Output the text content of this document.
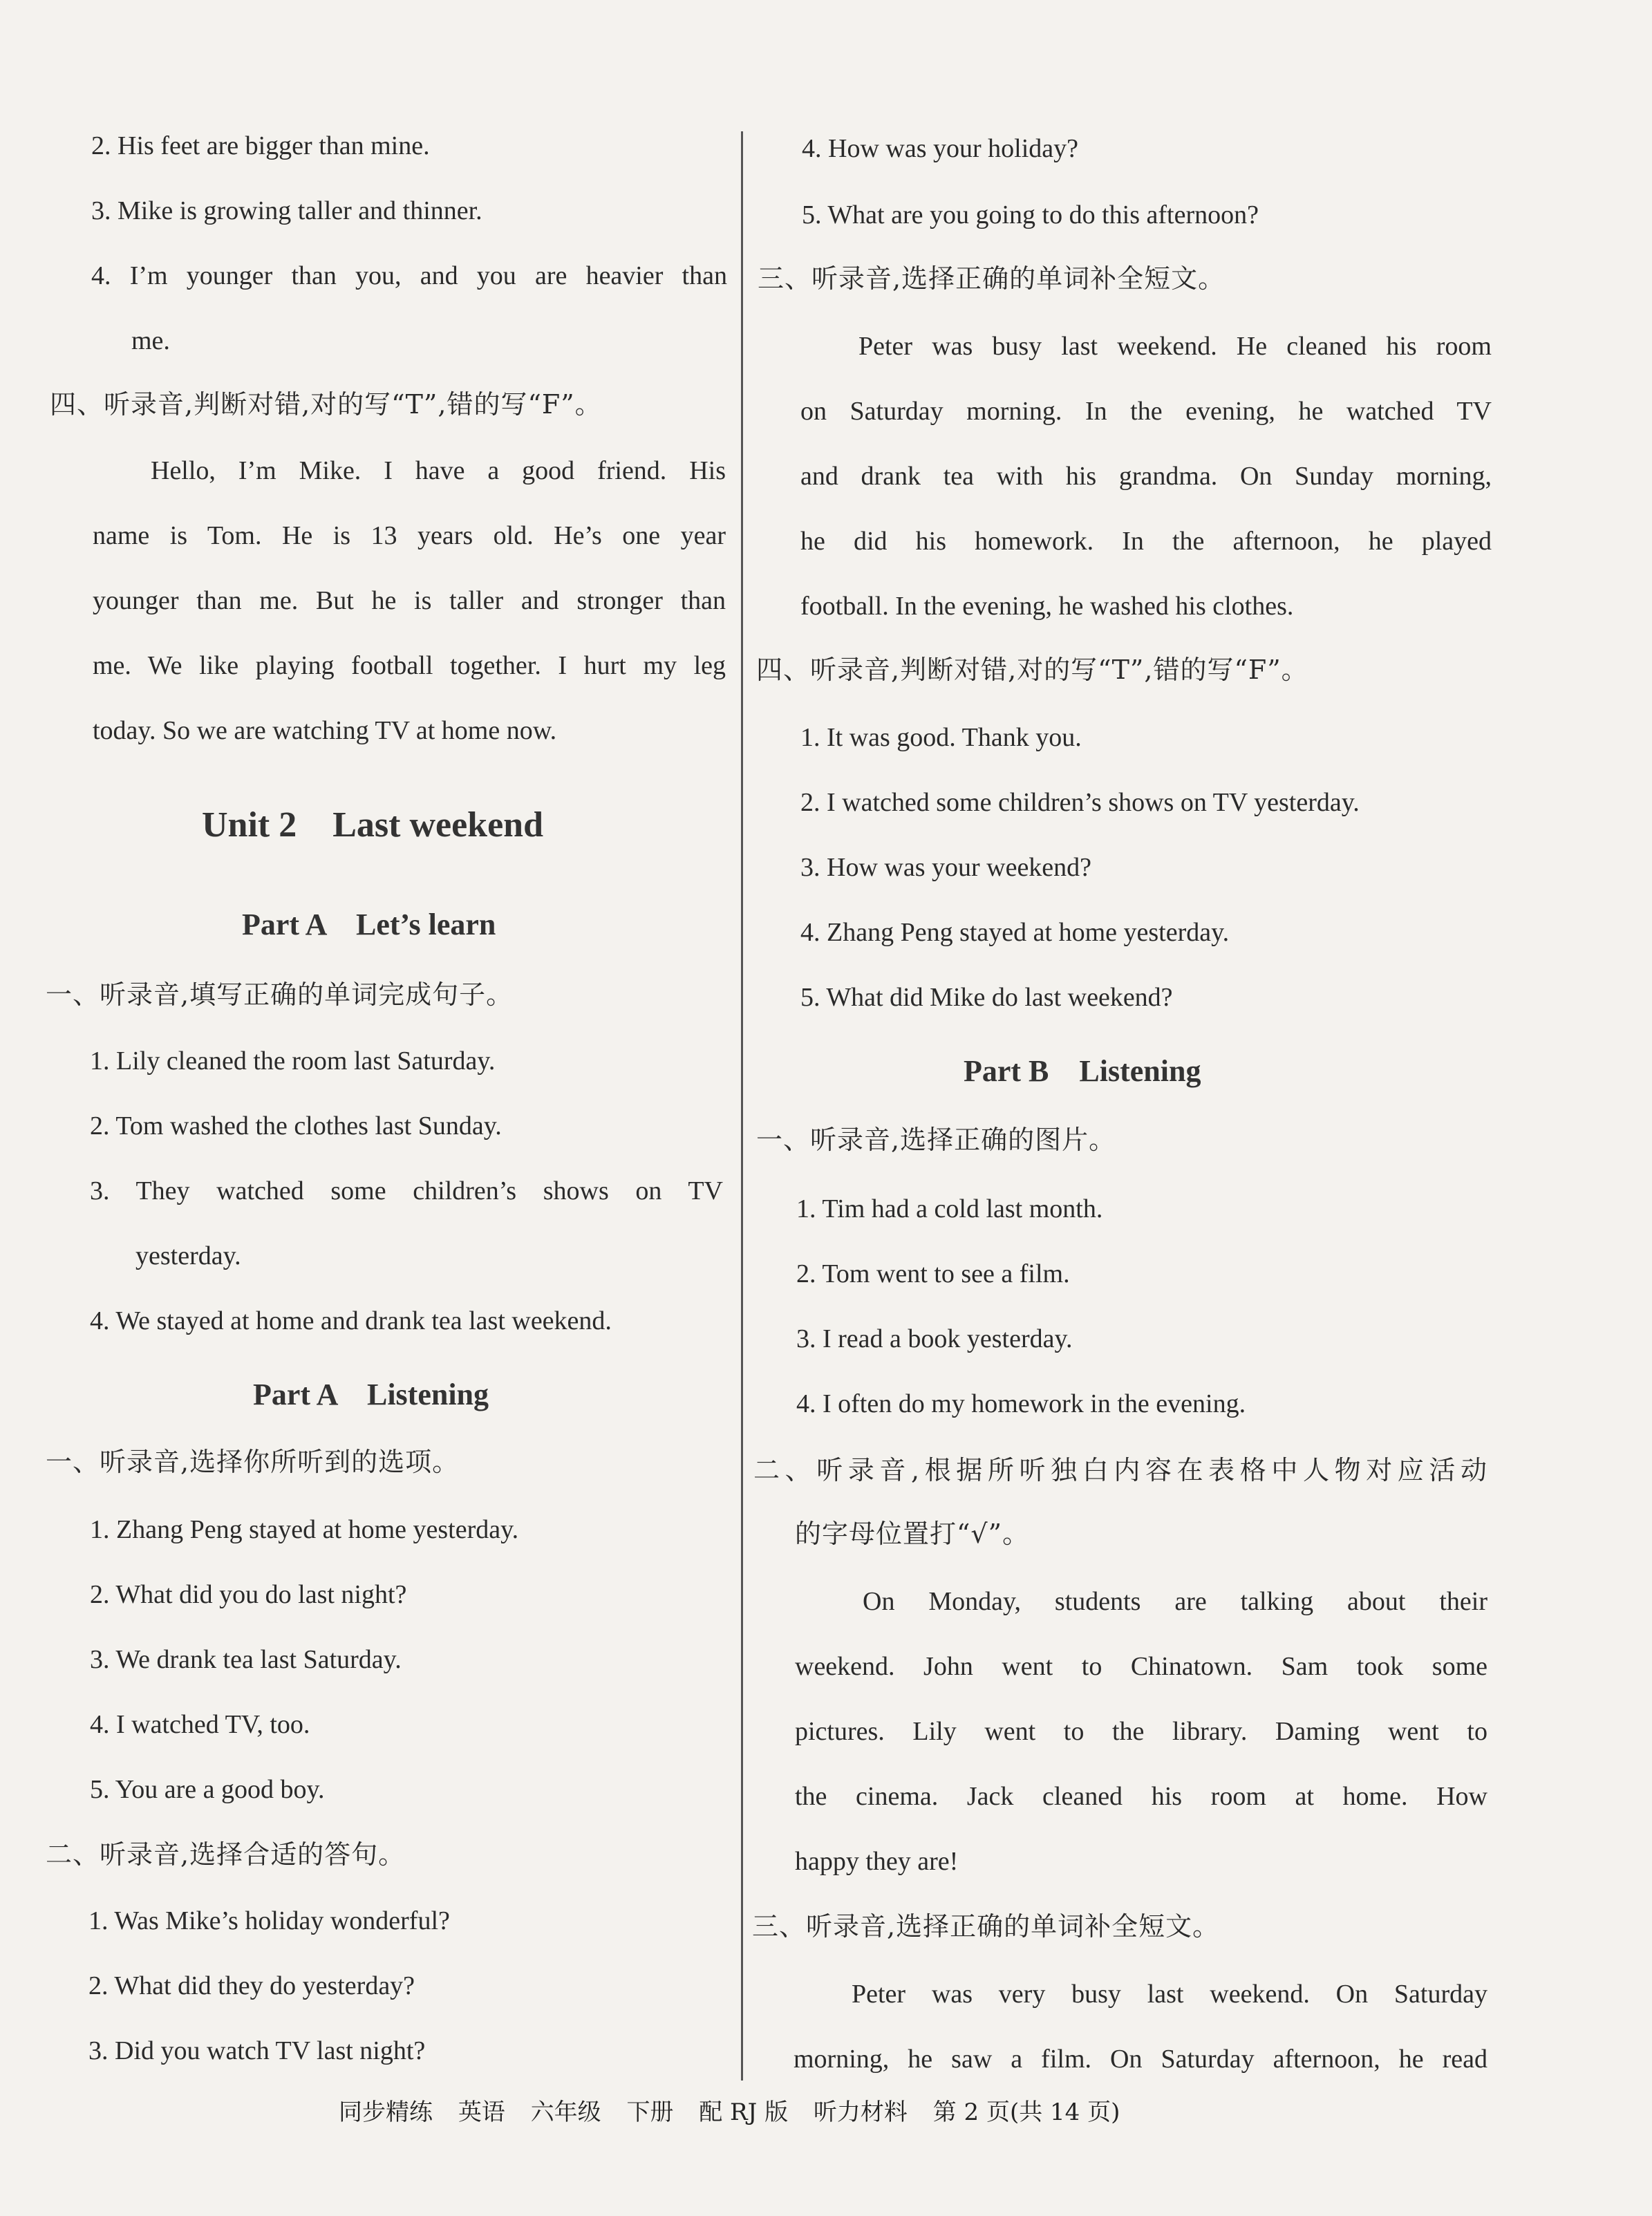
2. His feet are bigger than mine.
3. Mike is growing taller and thinner.
4. I’m younger than you, and you are heavier than
me.
四、听录音,判断对错,对的写“T”,错的写“F”。
Hello, I’m Mike. I have a good friend. His
name is Tom. He is 13 years old. He’s one year
younger than me. But he is taller and stronger than
me. We like playing football together. I hurt my leg
today. So we are watching TV at home now.
Unit 2    Last weekend
Part A    Let’s learn
一、听录音,填写正确的单词完成句子。
1. Lily cleaned the room last Saturday.
2. Tom washed the clothes last Sunday.
3. They watched some children’s shows on TV
yesterday.
4. We stayed at home and drank tea last weekend.
Part A    Listening
一、听录音,选择你所听到的选项。
1. Zhang Peng stayed at home yesterday.
2. What did you do last night?
3. We drank tea last Saturday.
4. I watched TV, too.
5. You are a good boy.
二、听录音,选择合适的答句。
1. Was Mike’s holiday wonderful?
2. What did they do yesterday?
3. Did you watch TV last night?
4. How was your holiday?
5. What are you going to do this afternoon?
三、听录音,选择正确的单词补全短文。
Peter was busy last weekend. He cleaned his room
on Saturday morning. In the evening, he watched TV
and drank tea with his grandma. On Sunday morning,
he did his homework. In the afternoon, he played
football. In the evening, he washed his clothes.
四、听录音,判断对错,对的写“T”,错的写“F”。
1. It was good. Thank you.
2. I watched some children’s shows on TV yesterday.
3. How was your weekend?
4. Zhang Peng stayed at home yesterday.
5. What did Mike do last weekend?
Part B    Listening
一、听录音,选择正确的图片。
1. Tim had a cold last month.
2. Tom went to see a film.
3. I read a book yesterday.
4. I often do my homework in the evening.
二、听录音,根据所听独白内容在表格中人物对应活动
的字母位置打“√”。
On Monday, students are talking about their
weekend. John went to Chinatown. Sam took some
pictures. Lily went to the library. Daming went to
the cinema. Jack cleaned his room at home. How
happy they are!
三、听录音,选择正确的单词补全短文。
Peter was very busy last weekend. On Saturday
morning, he saw a film. On Saturday afternoon, he read
同步精练 英语 六年级 下册 配 RJ 版 听力材料 第 2 页(共 14 页)
